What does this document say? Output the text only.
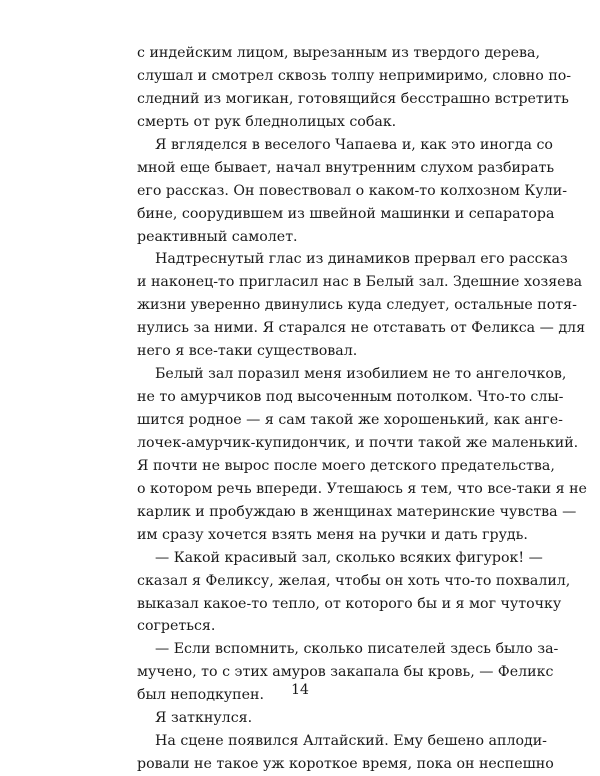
с индейским лицом, вырезанным из твердого дерева,
слушал и смотрел сквозь толпу непримиримо, словно по-
следний из могикан, готовящийся бесстрашно встретить
смерть от рук бледнолицых собак.
Я вгляделся в веселого Чапаева и, как это иногда со
мной еще бывает, начал внутренним слухом разбирать
его рассказ. Он повествовал о каком-то колхозном Кули-
бине, соорудившем из швейной машинки и сепаратора
реактивный самолет.
Надтреснутый глас из динамиков прервал его рассказ
и наконец-то пригласил нас в Белый зал. Здешние хозяева
жизни уверенно двинулись куда следует, остальные потя-
нулись за ними. Я старался не отставать от Феликса — для
него я все-таки существовал.
Белый зал поразил меня изобилием не то ангелочков,
не то амурчиков под высоченным потолком. Что-то слы-
шится родное — я сам такой же хорошенький, как анге-
лочек-амурчик-купидончик, и почти такой же маленький.
Я почти не вырос после моего детского предательства,
о котором речь впереди. Утешаюсь я тем, что все-таки я не
карлик и пробуждаю в женщинах материнские чувства —
им сразу хочется взять меня на ручки и дать грудь.
— Какой красивый зал, сколько всяких фигурок! —
сказал я Феликсу, желая, чтобы он хоть что-то похвалил,
выказал какое-то тепло, от которого бы и я мог чуточку
согреться.
— Если вспомнить, сколько писателей здесь было за-
мучено, то с этих амуров закапала бы кровь, — Феликс
был неподкупен.
Я заткнулся.
На сцене появился Алтайский. Ему бешено аплоди-
ровали не такое уж короткое время, пока он неспешно
14
